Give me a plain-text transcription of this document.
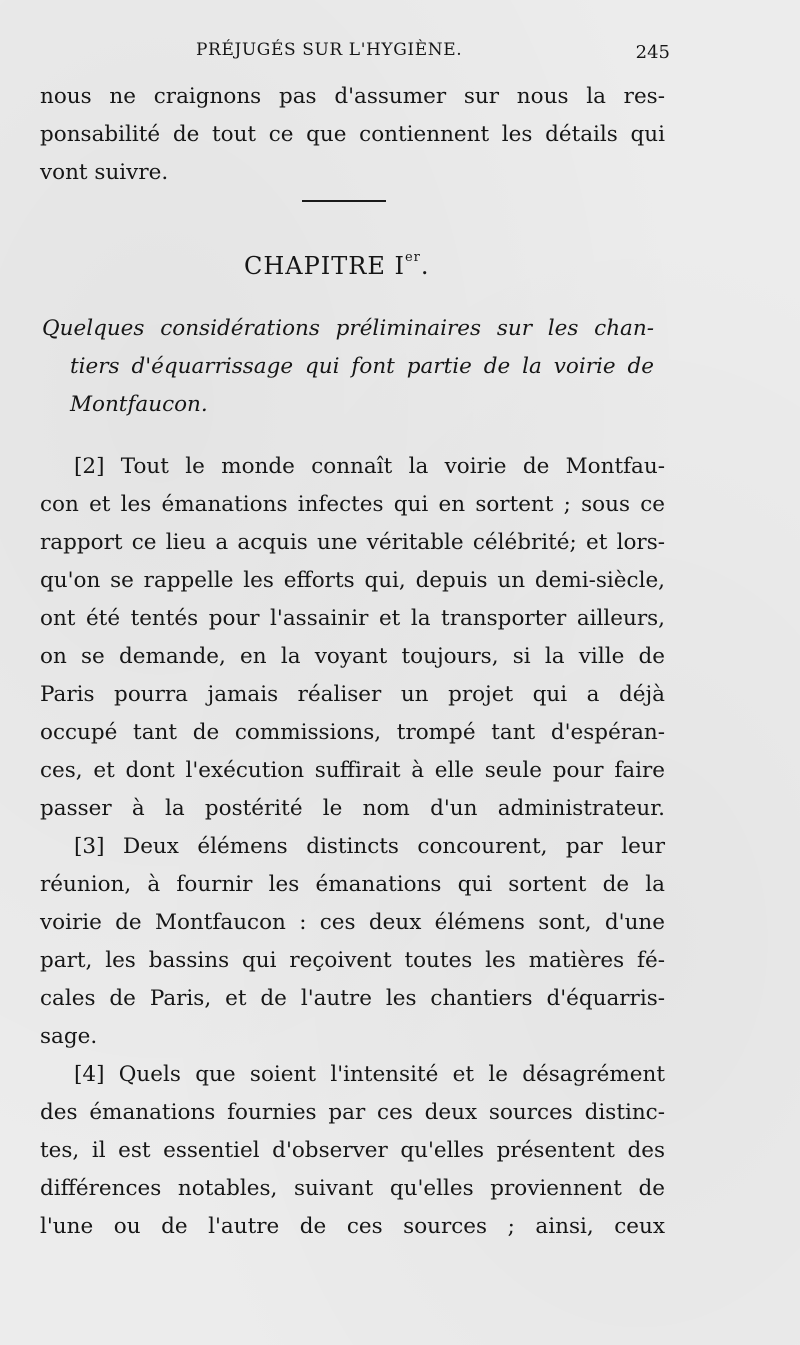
PRÉJUGÉS SUR L'HYGIÈNE.	245
nous ne craignons pas d'assumer sur nous la res-
ponsabilité de tout ce que contiennent les détails qui
vont suivre.
CHAPITRE Ier.
Quelques considérations préliminaires sur les chan-
tiers d'équarrissage qui font partie de la voirie de
Montfaucon.
[2] Tout le monde connaît la voirie de Montfau-
con et les émanations infectes qui en sortent ; sous ce
rapport ce lieu a acquis une véritable célébrité; et lors-
qu'on se rappelle les efforts qui, depuis un demi-siècle,
ont été tentés pour l'assainir et la transporter ailleurs,
on se demande, en la voyant toujours, si la ville de
Paris pourra jamais réaliser un projet qui a déjà
occupé tant de commissions, trompé tant d'espéran-
ces, et dont l'exécution suffirait à elle seule pour faire
passer à la postérité le nom d'un administrateur.
[3] Deux élémens distincts concourent, par leur
réunion, à fournir les émanations qui sortent de la
voirie de Montfaucon : ces deux élémens sont, d'une
part, les bassins qui reçoivent toutes les matières fé-
cales de Paris, et de l'autre les chantiers d'équarris-
sage.
[4] Quels que soient l'intensité et le désagrément
des émanations fournies par ces deux sources distinc-
tes, il est essentiel d'observer qu'elles présentent des
différences notables, suivant qu'elles proviennent de
l'une ou de l'autre de ces sources ; ainsi, ceux
